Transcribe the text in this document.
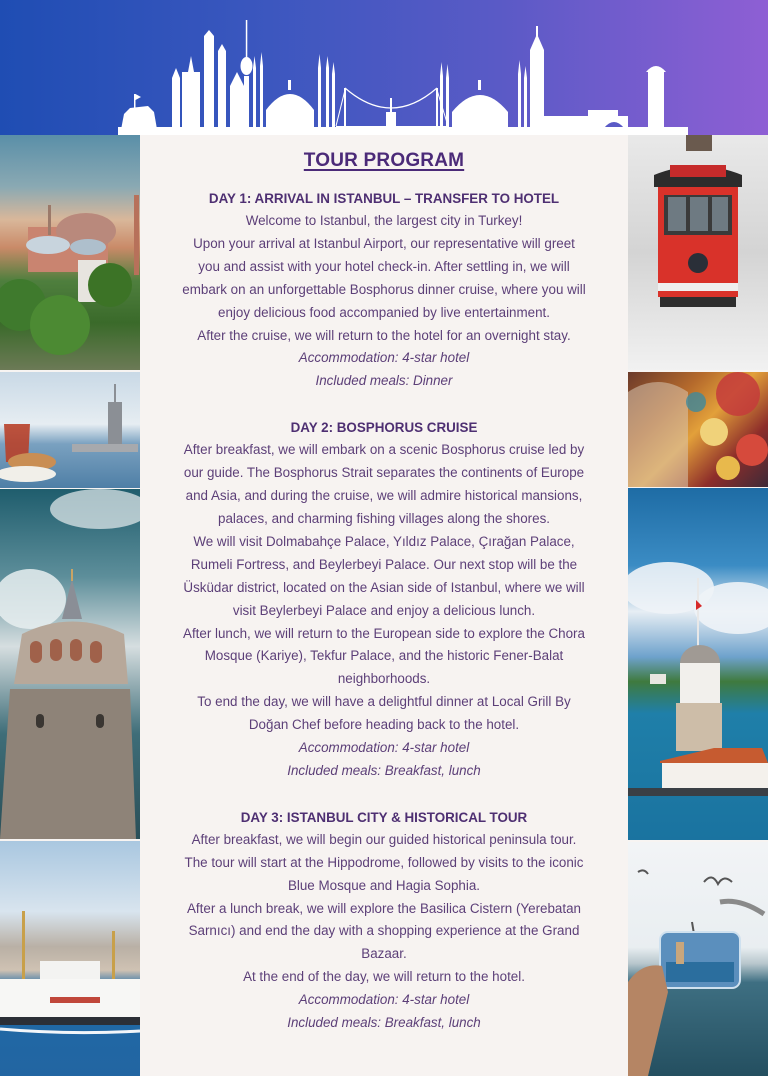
TOUR PROGRAM
DAY 1: ARRIVAL IN ISTANBUL – TRANSFER TO HOTEL
Welcome to Istanbul, the largest city in Turkey!
Upon your arrival at Istanbul Airport, our representative will greet
you and assist with your hotel check-in. After settling in, we will
embark on an unforgettable Bosphorus dinner cruise, where you will
enjoy delicious food accompanied by live entertainment.
After the cruise, we will return to the hotel for an overnight stay.
Accommodation: 4-star hotel
Included meals: Dinner
DAY 2: BOSPHORUS CRUISE
After breakfast, we will embark on a scenic Bosphorus cruise led by
our guide. The Bosphorus Strait separates the continents of Europe
and Asia, and during the cruise, we will admire historical mansions,
palaces, and charming fishing villages along the shores.
We will visit Dolmabahçe Palace, Yıldız Palace, Çırağan Palace,
Rumeli Fortress, and Beylerbeyi Palace. Our next stop will be the
Üsküdar district, located on the Asian side of Istanbul, where we will
visit Beylerbeyi Palace and enjoy a delicious lunch.
After lunch, we will return to the European side to explore the Chora
Mosque (Kariye), Tekfur Palace, and the historic Fener-Balat
neighborhoods.
To end the day, we will have a delightful dinner at Local Grill By
Doğan Chef before heading back to the hotel.
Accommodation: 4-star hotel
Included meals: Breakfast, lunch
DAY 3: ISTANBUL CITY & HISTORICAL TOUR
After breakfast, we will begin our guided historical peninsula tour.
The tour will start at the Hippodrome, followed by visits to the iconic
Blue Mosque and Hagia Sophia.
After a lunch break, we will explore the Basilica Cistern (Yerebatan
Sarnıcı) and end the day with a shopping experience at the Grand
Bazaar.
At the end of the day, we will return to the hotel.
Accommodation: 4-star hotel
Included meals: Breakfast, lunch
